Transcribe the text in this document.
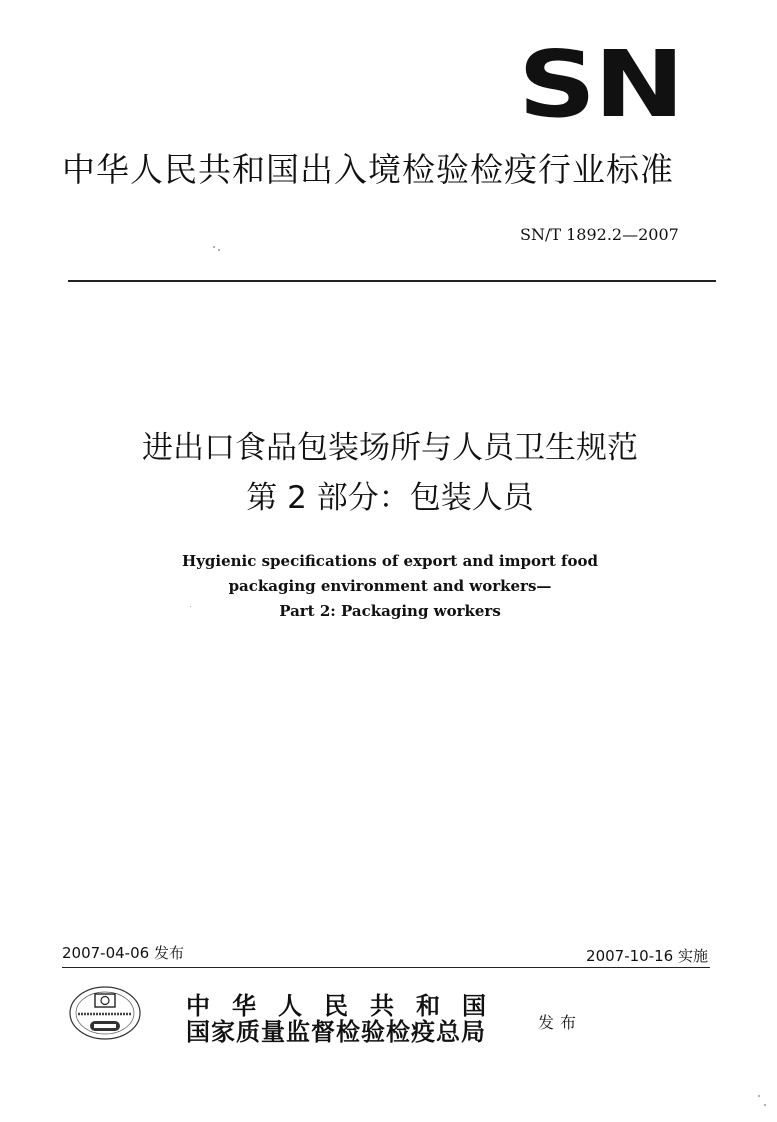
SN
中华人民共和国出入境检验检疫行业标准
SN/T 1892.2—2007
进出口食品包装场所与人员卫生规范
第 2 部分：包装人员
Hygienic specifications of export and import food
packaging environment and workers—
Part 2: Packaging workers
2007-04-06 发布	2007-10-16 实施
中华人民共和国
国家质量监督检验检疫总局	发布
